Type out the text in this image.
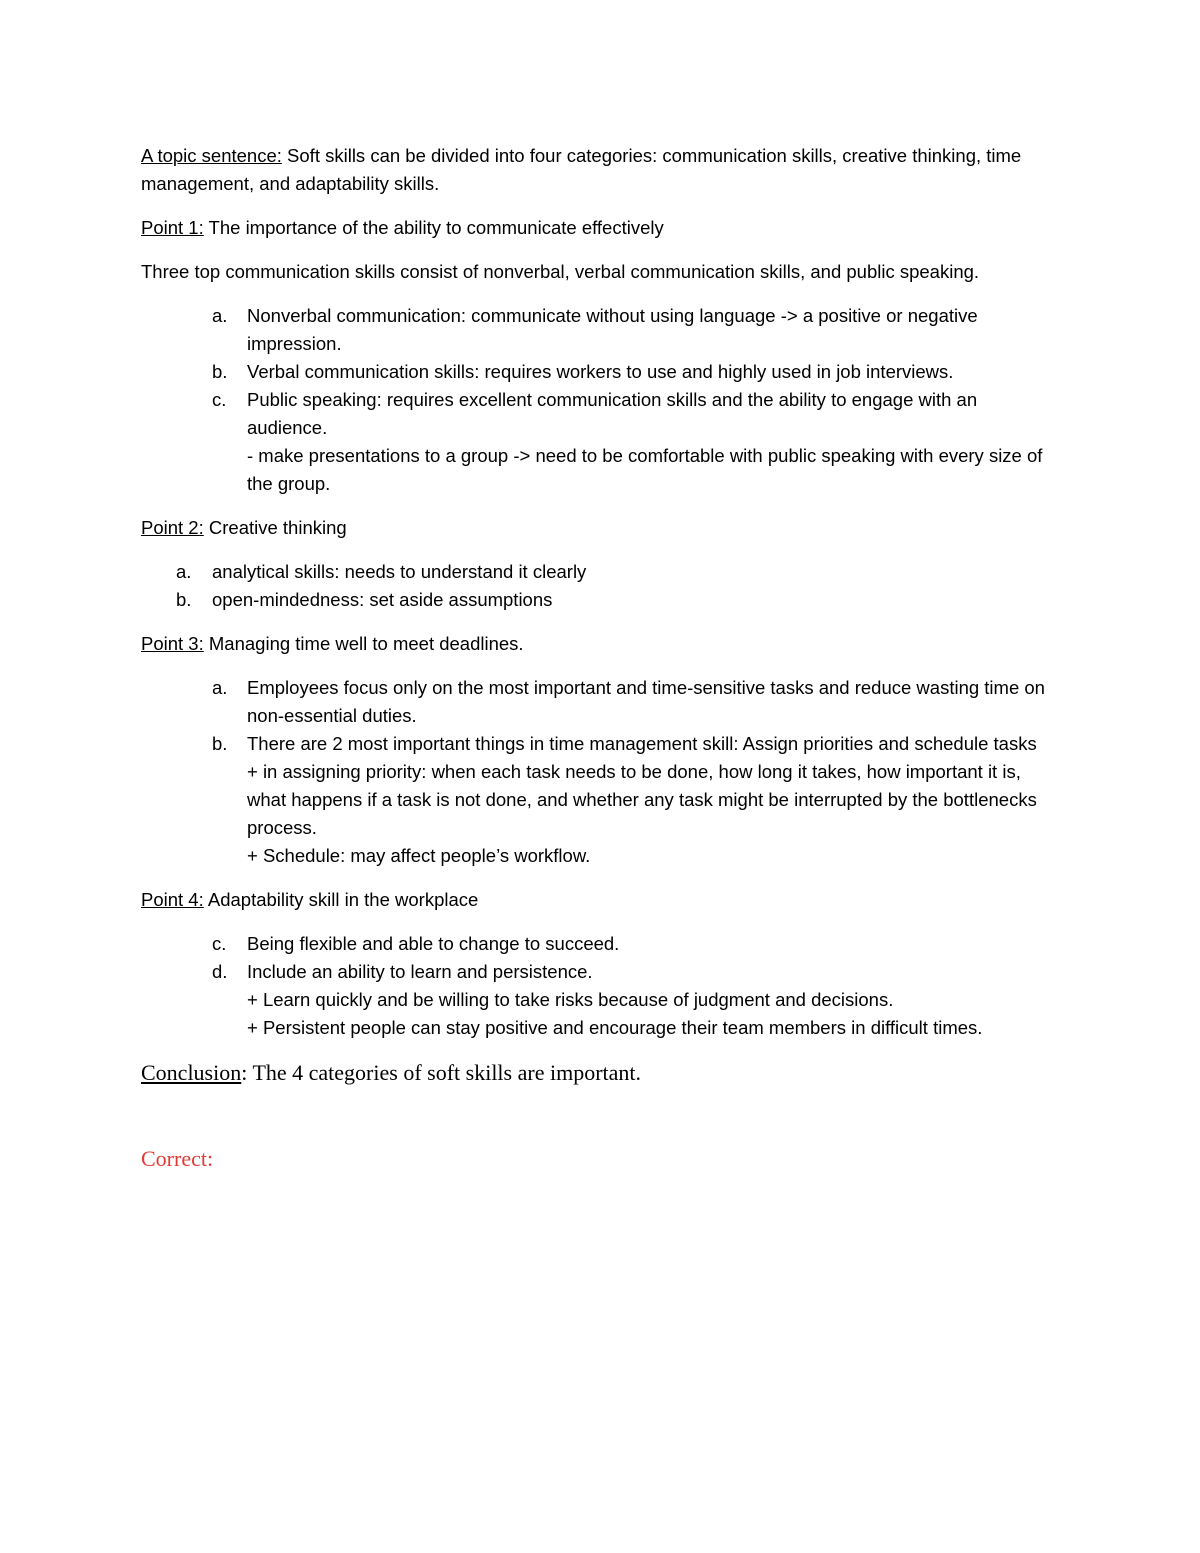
A topic sentence: Soft skills can be divided into four categories: communication skills, creative thinking, time management, and adaptability skills.

Point 1: The importance of the ability to communicate effectively

Three top communication skills consist of nonverbal, verbal communication skills, and public speaking.

a. Nonverbal communication: communicate without using language -> a positive or negative impression.
b. Verbal communication skills: requires workers to use and highly used in job interviews.
c. Public speaking: requires excellent communication skills and the ability to engage with an audience.
- make presentations to a group -> need to be comfortable with public speaking with every size of the group.

Point 2: Creative thinking

a. analytical skills: needs to understand it clearly
b. open-mindedness: set aside assumptions

Point 3: Managing time well to meet deadlines.

a. Employees focus only on the most important and time-sensitive tasks and reduce wasting time on non-essential duties.
b. There are 2 most important things in time management skill: Assign priorities and schedule tasks
+ in assigning priority: when each task needs to be done, how long it takes, how important it is, what happens if a task is not done, and whether any task might be interrupted by the bottlenecks process.
+ Schedule: may affect people’s workflow.

Point 4: Adaptability skill in the workplace

c. Being flexible and able to change to succeed.
d. Include an ability to learn and persistence.
+ Learn quickly and be willing to take risks because of judgment and decisions.
+ Persistent people can stay positive and encourage their team members in difficult times.

Conclusion: The 4 categories of soft skills are important.

Correct:
